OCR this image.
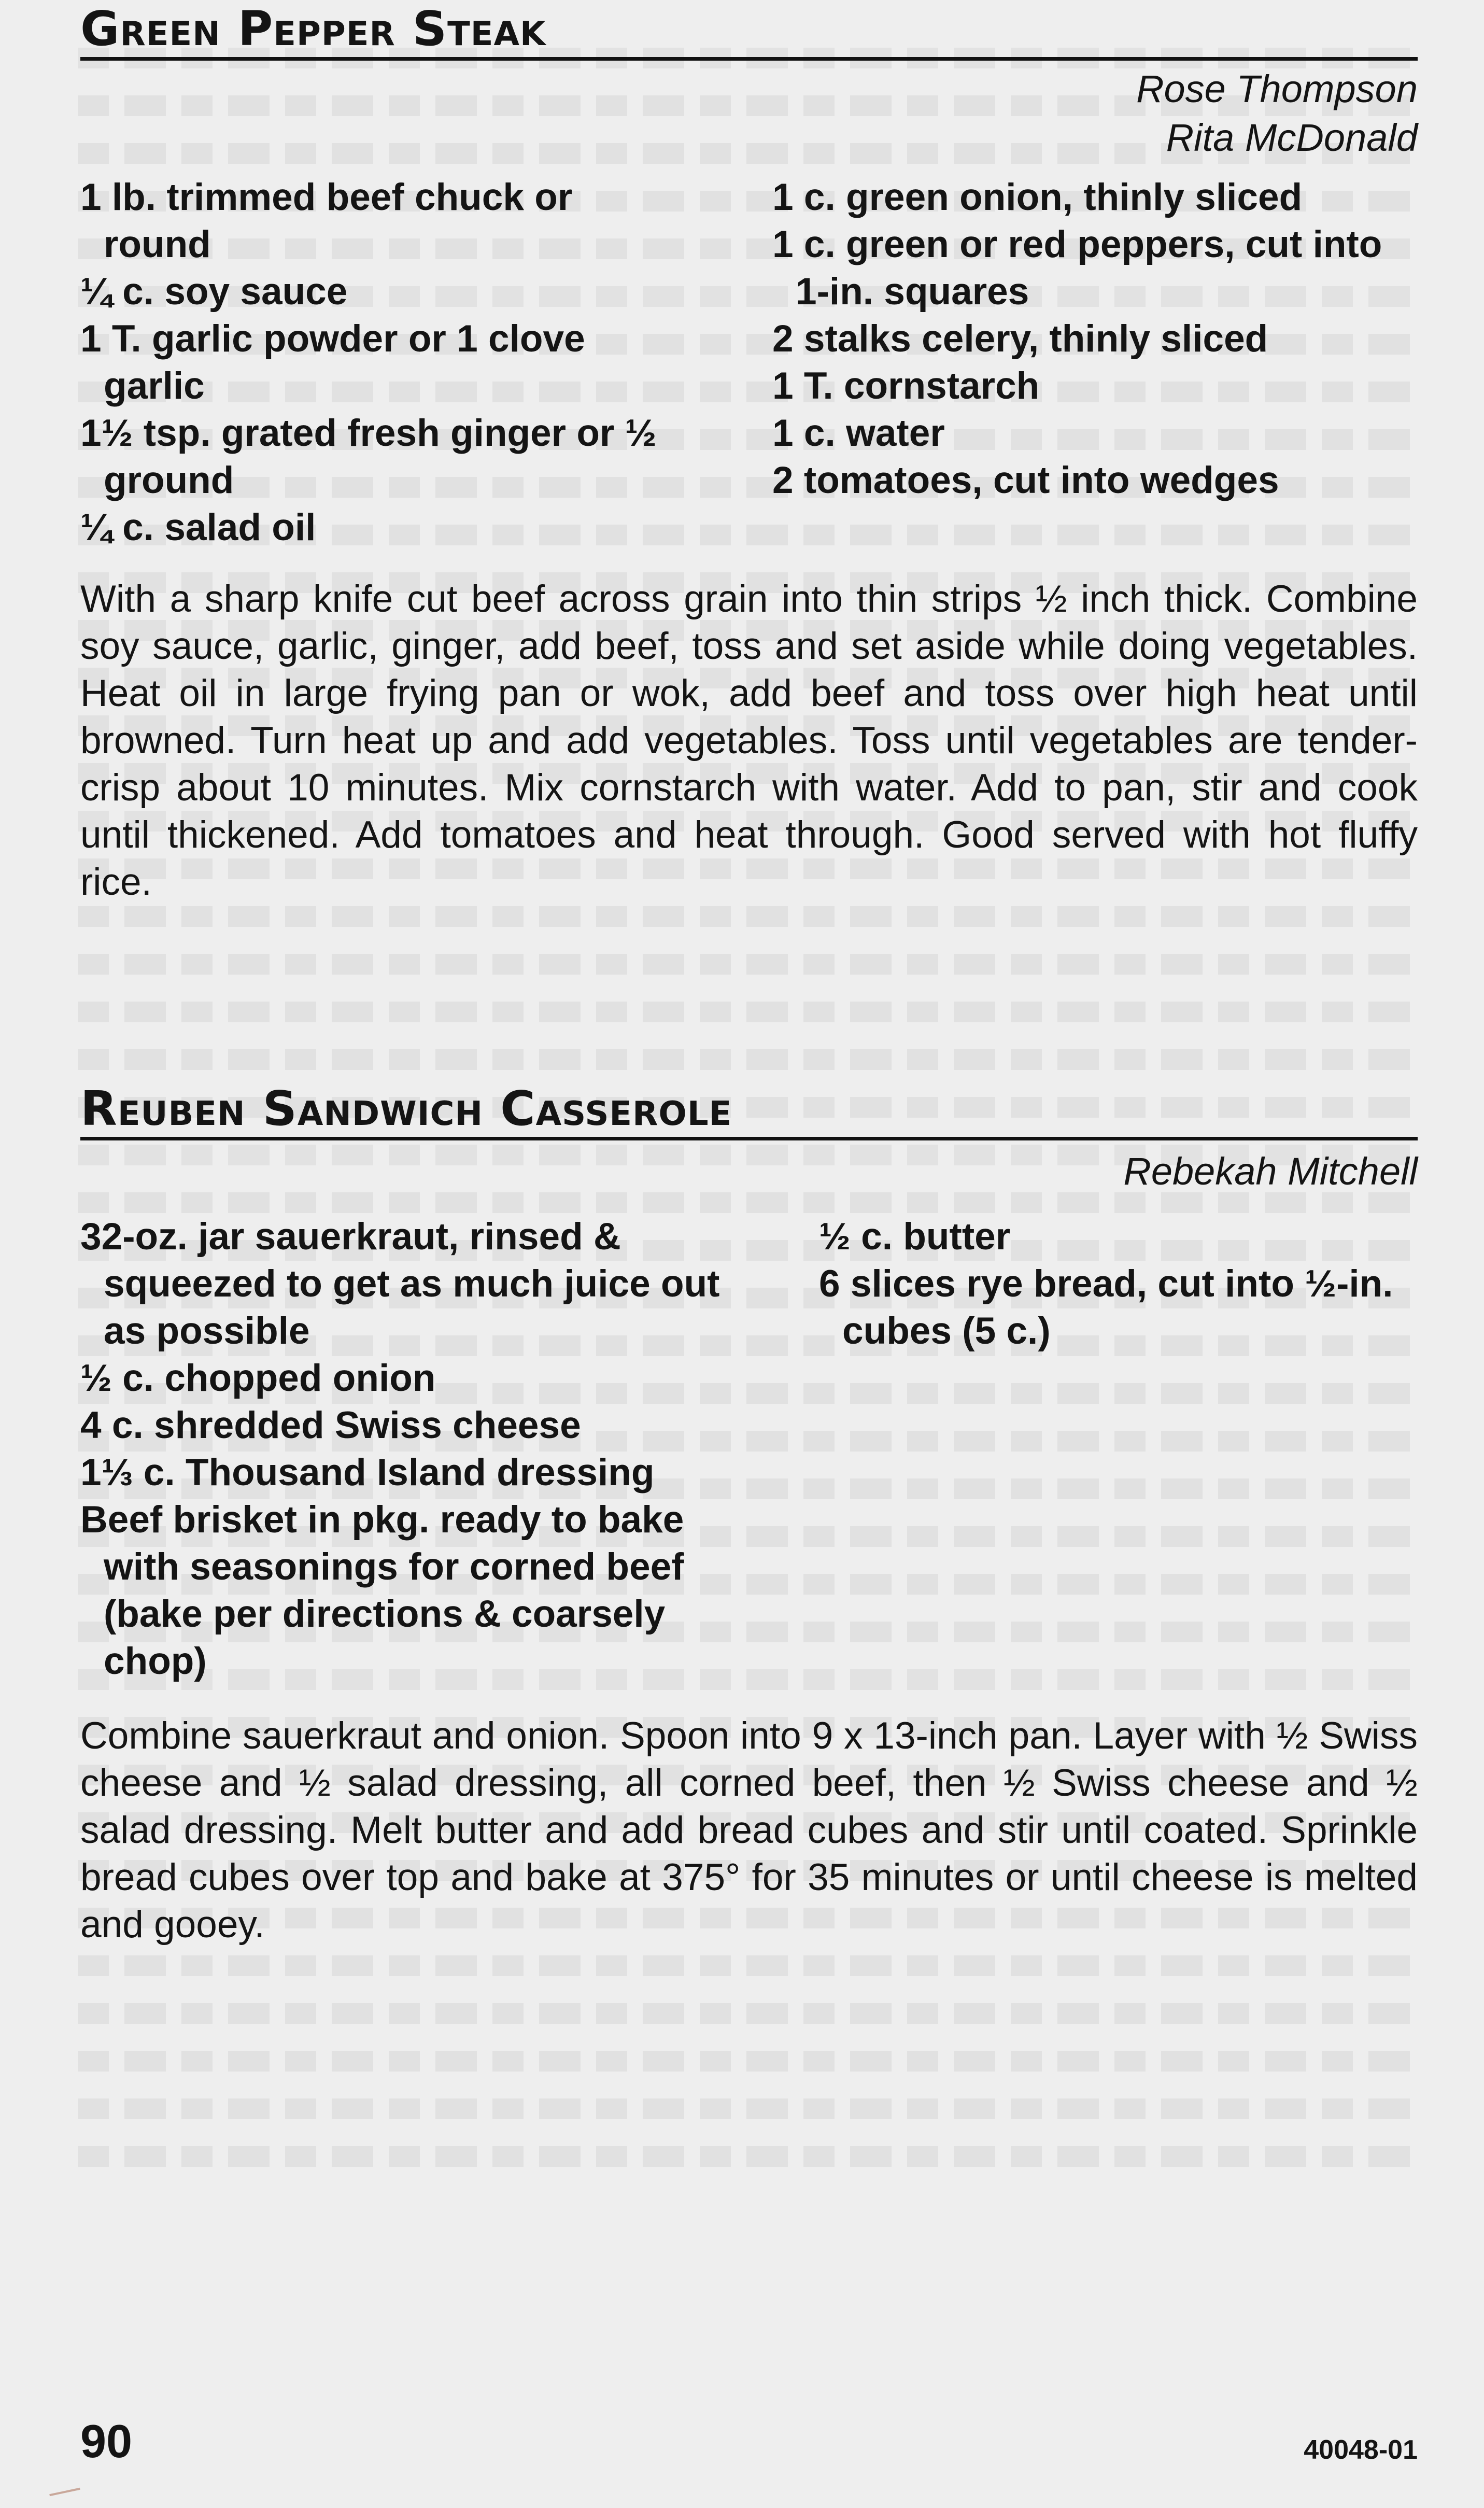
Green Pepper Steak
Rose Thompson
Rita McDonald
1 lb. trimmed beef chuck or round
¼ c. soy sauce
1 T. garlic powder or 1 clove garlic
1½ tsp. grated fresh ginger or ½ ground
¼ c. salad oil
1 c. green onion, thinly sliced
1 c. green or red peppers, cut into 1-in. squares
2 stalks celery, thinly sliced
1 T. cornstarch
1 c. water
2 tomatoes, cut into wedges

With a sharp knife cut beef across grain into thin strips ½ inch thick. Combine soy sauce, garlic, ginger, add beef, toss and set aside while doing vegetables. Heat oil in large frying pan or wok, add beef and toss over high heat until browned. Turn heat up and add vegetables. Toss until vegetables are tender-crisp about 10 minutes. Mix cornstarch with water. Add to pan, stir and cook until thickened. Add tomatoes and heat through. Good served with hot fluffy rice.

Reuben Sandwich Casserole
Rebekah Mitchell
32-oz. jar sauerkraut, rinsed & squeezed to get as much juice out as possible
½ c. chopped onion
4 c. shredded Swiss cheese
1⅓ c. Thousand Island dressing
Beef brisket in pkg. ready to bake with seasonings for corned beef (bake per directions & coarsely chop)
½ c. butter
6 slices rye bread, cut into ½-in. cubes (5 c.)

Combine sauerkraut and onion. Spoon into 9 x 13-inch pan. Layer with ½ Swiss cheese and ½ salad dressing, all corned beef, then ½ Swiss cheese and ½ salad dressing. Melt butter and add bread cubes and stir until coated. Sprinkle bread cubes over top and bake at 375° for 35 minutes or until cheese is melted and gooey.

90	40048-01
